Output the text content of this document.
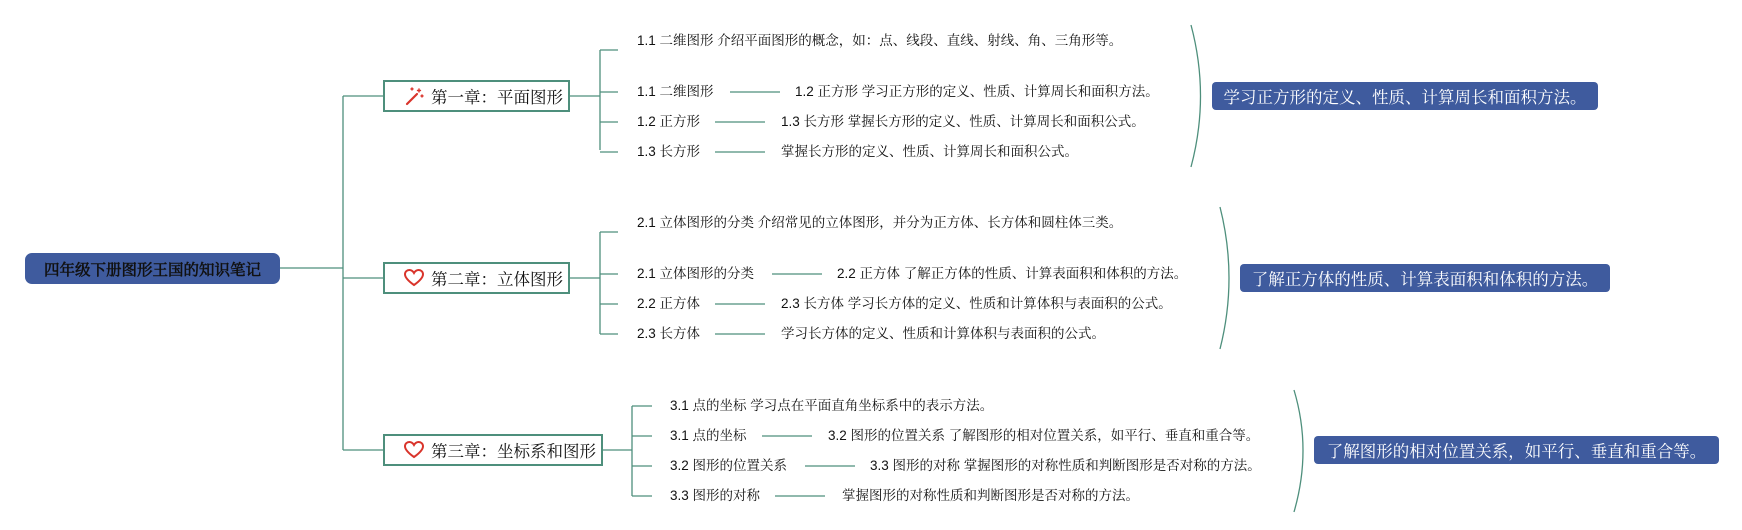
四年级下册图形王国的知识笔记
第一章：平面图形
1.1 二维图形 介绍平面图形的概念，如：点、线段、直线、射线、角、三角形等。
1.1 二维图形	1.2 正方形 学习正方形的定义、性质、计算周长和面积方法。
1.2 正方形	1.3 长方形 掌握长方形的定义、性质、计算周长和面积公式。
1.3 长方形	掌握长方形的定义、性质、计算周长和面积公式。
学习正方形的定义、性质、计算周长和面积方法。
第二章：立体图形
2.1 立体图形的分类 介绍常见的立体图形，并分为正方体、长方体和圆柱体三类。
2.1 立体图形的分类	2.2 正方体 了解正方体的性质、计算表面积和体积的方法。
2.2 正方体	2.3 长方体 学习长方体的定义、性质和计算体积与表面积的公式。
2.3 长方体	学习长方体的定义、性质和计算体积与表面积的公式。
了解正方体的性质、计算表面积和体积的方法。
第三章：坐标系和图形
3.1 点的坐标 学习点在平面直角坐标系中的表示方法。
3.1 点的坐标	3.2 图形的位置关系 了解图形的相对位置关系，如平行、垂直和重合等。
3.2 图形的位置关系	3.3 图形的对称 掌握图形的对称性质和判断图形是否对称的方法。
3.3 图形的对称	掌握图形的对称性质和判断图形是否对称的方法。
了解图形的相对位置关系，如平行、垂直和重合等。
